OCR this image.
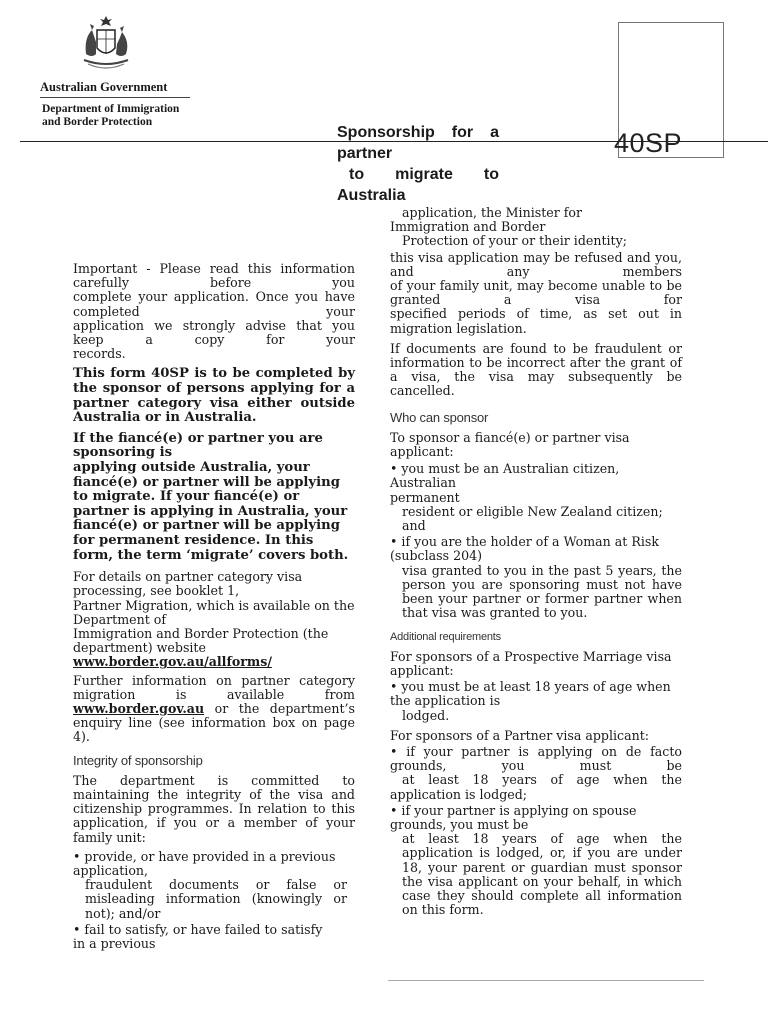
Australian Government
Department of Immigration
and Border Protection
40SP
Sponsorship for a
partner
to migrate to
Australia
Important - Please read this information
carefully before you
complete your application. Once you have
completed your
application we strongly advise that you
keep a copy for your
records.

This form 40SP is to be completed by the sponsor of persons applying for a partner category visa either outside Australia or in Australia.

If the fiancé(e) or partner you are sponsoring is
applying outside Australia, your fiancé(e) or partner will be applying to migrate. If your fiancé(e) or partner is applying in Australia, your fiancé(e) or partner will be applying for permanent residence. In this form, the term ‘migrate’ covers both.
For details on partner category visa
processing, see booklet 1,
Partner Migration, which is available on the
Department of
Immigration and Border Protection (the
department) website
www.border.gov.au/allforms/

Further information on partner category migration is available from www.border.gov.au or the department’s enquiry line (see information box on page 4).

Integrity of sponsorship

The department is committed to maintaining the integrity of the visa and citizenship programmes. In relation to this application, if you or a member of your family unit:

• provide, or have provided in a previous
application,
fraudulent documents or false or misleading information (knowingly or not); and/or
• fail to satisfy, or have failed to satisfy
in a previous
application, the Minister for
Immigration and Border
Protection of your or their identity;
this visa application may be refused and you,
and any members
of your family unit, may become unable to be
granted a visa for
specified periods of time, as set out in
migration legislation.

If documents are found to be fraudulent or information to be incorrect after the grant of a visa, the visa may subsequently be cancelled.

Who can sponsor
To sponsor a fiancé(e) or partner visa
applicant:
• you must be an Australian citizen, Australian
permanent
resident or eligible New Zealand citizen; and
• if you are the holder of a Woman at Risk
(subclass 204)
visa granted to you in the past 5 years, the person you are sponsoring must not have been your partner or former partner when that visa was granted to you.
Additional requirements
For sponsors of a Prospective Marriage visa
applicant:
• you must be at least 18 years of age when
the application is
lodged.
For sponsors of a Partner visa applicant:
• if your partner is applying on de facto
grounds, you must be
at least 18 years of age when the
application is lodged;
• if your partner is applying on spouse
grounds, you must be
at least 18 years of age when the application is lodged, or, if you are under 18, your parent or guardian must sponsor the visa applicant on your behalf, in which case they should complete all information on this form.
